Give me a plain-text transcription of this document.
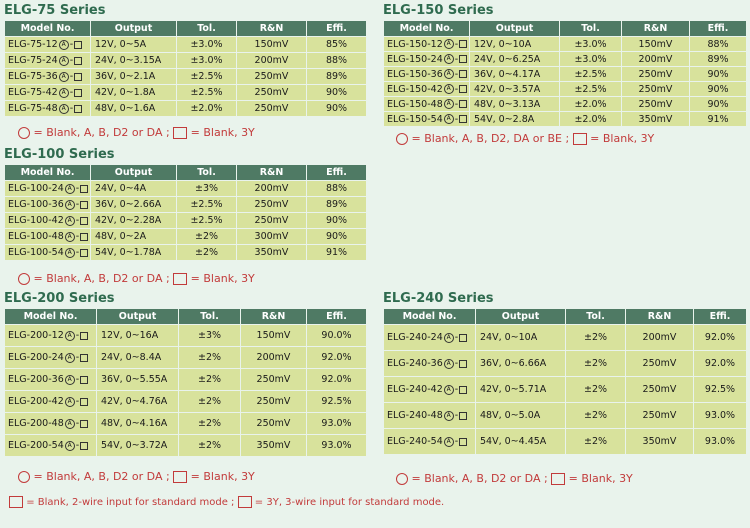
ELG-75 Series
Model No.	Output	Tol.	R&N	Effi.
ELG-75-12 A -	12V, 0~5A	±3.0%	150mV	85%
ELG-75-24 A -	24V, 0~3.15A	±3.0%	200mV	88%
ELG-75-36 A -	36V, 0~2.1A	±2.5%	250mV	89%
ELG-75-42 A -	42V, 0~1.8A	±2.5%	250mV	90%
ELG-75-48 A -	48V, 0~1.6A	±2.0%	250mV	90%
= Blank, A, B, D2 or DA ; = Blank, 3Y
ELG-150 Series
Model No.	Output	Tol.	R&N	Effi.
ELG-150-12 A -	12V, 0~10A	±3.0%	150mV	88%
ELG-150-24 A -	24V, 0~6.25A	±3.0%	200mV	89%
ELG-150-36 A -	36V, 0~4.17A	±2.5%	250mV	90%
ELG-150-42 A -	42V, 0~3.57A	±2.5%	250mV	90%
ELG-150-48 A -	48V, 0~3.13A	±2.0%	250mV	90%
ELG-150-54 A -	54V, 0~2.8A	±2.0%	350mV	91%
= Blank, A, B, D2, DA or BE ; = Blank, 3Y
ELG-100 Series
Model No.	Output	Tol.	R&N	Effi.
ELG-100-24 A -	24V, 0~4A	±3%	200mV	88%
ELG-100-36 A -	36V, 0~2.66A	±2.5%	250mV	89%
ELG-100-42 A -	42V, 0~2.28A	±2.5%	250mV	90%
ELG-100-48 A -	48V, 0~2A	±2%	300mV	90%
ELG-100-54 A -	54V, 0~1.78A	±2%	350mV	91%
= Blank, A, B, D2 or DA ; = Blank, 3Y
ELG-200 Series
Model No.	Output	Tol.	R&N	Effi.
ELG-200-12 A -	12V, 0~16A	±3%	150mV	90.0%
ELG-200-24 A -	24V, 0~8.4A	±2%	200mV	92.0%
ELG-200-36 A -	36V, 0~5.55A	±2%	250mV	92.0%
ELG-200-42 A -	42V, 0~4.76A	±2%	250mV	92.5%
ELG-200-48 A -	48V, 0~4.16A	±2%	250mV	93.0%
ELG-200-54 A -	54V, 0~3.72A	±2%	350mV	93.0%
= Blank, A, B, D2 or DA ; = Blank, 3Y
ELG-240 Series
Model No.	Output	Tol.	R&N	Effi.
ELG-240-24 A -	24V, 0~10A	±2%	200mV	92.0%
ELG-240-36 A -	36V, 0~6.66A	±2%	250mV	92.0%
ELG-240-42 A -	42V, 0~5.71A	±2%	250mV	92.5%
ELG-240-48 A -	48V, 0~5.0A	±2%	250mV	93.0%
ELG-240-54 A -	54V, 0~4.45A	±2%	350mV	93.0%
= Blank, A, B, D2 or DA ; = Blank, 3Y
= Blank, 2-wire input for standard mode ; = 3Y, 3-wire input for standard mode.
